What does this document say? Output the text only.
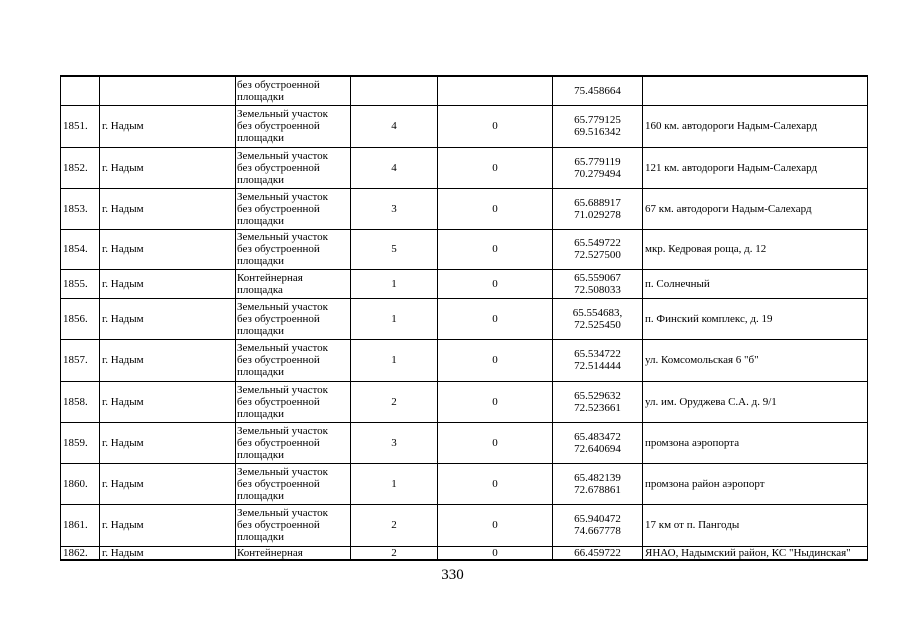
		без обустроенной
площадки			75.458664	

1851.	г. Надым	Земельный участок
без обустроенной
площадки	4	0	65.779125
69.516342	160 км. автодороги Надым-Салехард
1852.	г. Надым	Земельный участок
без обустроенной
площадки	4	0	65.779119
70.279494	121 км. автодороги Надым-Салехард
1853.	г. Надым	Земельный участок
без обустроенной
площадки	3	0	65.688917
71.029278	67 км. автодороги Надым-Салехард
1854.	г. Надым	Земельный участок
без обустроенной
площадки	5	0	65.549722
72.527500	мкр. Кедровая роща, д. 12
1855.	г. Надым	Контейнерная
площадка	1	0	65.559067
72.508033	п. Солнечный
1856.	г. Надым	Земельный участок
без обустроенной
площадки	1	0	65.554683,
72.525450	п. Финский комплекс, д. 19
1857.	г. Надым	Земельный участок
без обустроенной
площадки	1	0	65.534722
72.514444	ул. Комсомольская 6 "б"
1858.	г. Надым	Земельный участок
без обустроенной
площадки	2	0	65.529632
72.523661	ул. им. Оруджева С.А. д. 9/1
1859.	г. Надым	Земельный участок
без обустроенной
площадки	3	0	65.483472
72.640694	промзона аэропорта
1860.	г. Надым	Земельный участок
без обустроенной
площадки	1	0	65.482139
72.678861	промзона район аэропорт
1861.	г. Надым	Земельный участок
без обустроенной
площадки	2	0	65.940472
74.667778	17 км от п. Пангоды
1862.	г. Надым	Контейнерная	2	0	66.459722	ЯНАО, Надымский район, КС "Ныдинская"
330
